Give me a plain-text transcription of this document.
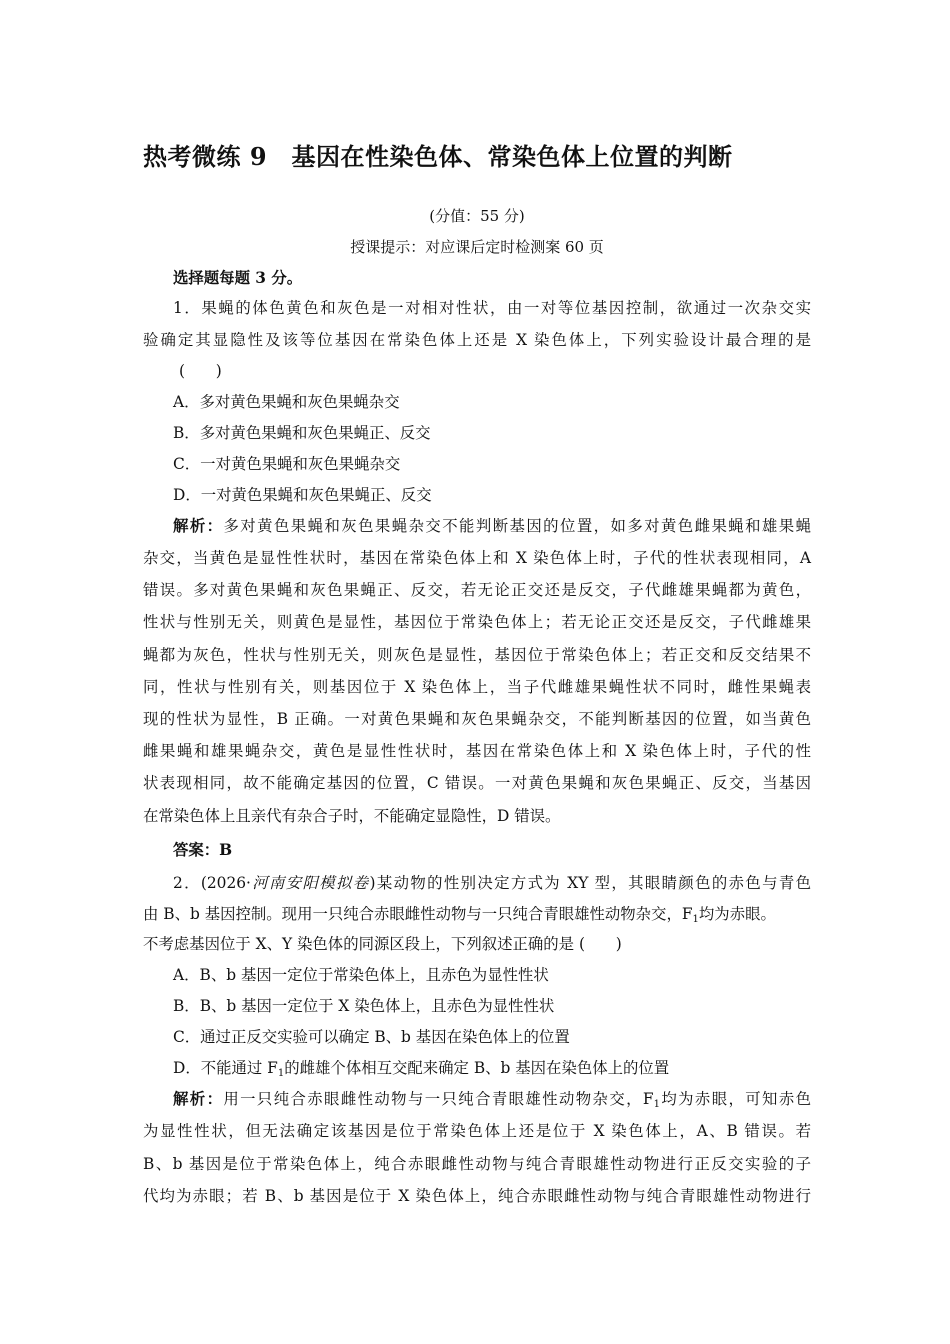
热考微练 9　基因在性染色体、常染色体上位置的判断
(分值：55 分)
授课提示：对应课后定时检测案 60 页
选择题每题 3 分。
1．果蝇的体色黄色和灰色是一对相对性状，由一对等位基因控制，欲通过一次杂交实
验确定其显隐性及该等位基因在常染色体上还是 X 染色体上，下列实验设计最合理的是
(　　)
A．多对黄色果蝇和灰色果蝇杂交
B．多对黄色果蝇和灰色果蝇正、反交
C．一对黄色果蝇和灰色果蝇杂交
D．一对黄色果蝇和灰色果蝇正、反交
解析：多对黄色果蝇和灰色果蝇杂交不能判断基因的位置，如多对黄色雌果蝇和雄果蝇
杂交，当黄色是显性性状时，基因在常染色体上和 X 染色体上时，子代的性状表现相同，A
错误。多对黄色果蝇和灰色果蝇正、反交，若无论正交还是反交，子代雌雄果蝇都为黄色，
性状与性别无关，则黄色是显性，基因位于常染色体上；若无论正交还是反交，子代雌雄果
蝇都为灰色，性状与性别无关，则灰色是显性，基因位于常染色体上；若正交和反交结果不
同，性状与性别有关，则基因位于 X 染色体上，当子代雌雄果蝇性状不同时，雌性果蝇表
现的性状为显性，B 正确。一对黄色果蝇和灰色果蝇杂交，不能判断基因的位置，如当黄色
雌果蝇和雄果蝇杂交，黄色是显性性状时，基因在常染色体上和 X 染色体上时，子代的性
状表现相同，故不能确定基因的位置，C 错误。一对黄色果蝇和灰色果蝇正、反交，当基因
在常染色体上且亲代有杂合子时，不能确定显隐性，D 错误。
答案：B
2．(2026·河南安阳模拟卷)某动物的性别决定方式为 XY 型，其眼睛颜色的赤色与青色
由 B、b 基因控制。现用一只纯合赤眼雌性动物与一只纯合青眼雄性动物杂交，$F_1$均为赤眼。
不考虑基因位于 X、Y 染色体的同源区段上，下列叙述正确的是 (　　)
A．B、b 基因一定位于常染色体上，且赤色为显性性状
B．B、b 基因一定位于 X 染色体上，且赤色为显性性状
C．通过正反交实验可以确定 B、b 基因在染色体上的位置
D．不能通过 $F_1$的雌雄个体相互交配来确定 B、b 基因在染色体上的位置
解析：用一只纯合赤眼雌性动物与一只纯合青眼雄性动物杂交，$F_1$均为赤眼，可知赤色
为显性性状，但无法确定该基因是位于常染色体上还是位于 X 染色体上，A、B 错误。若
B、b 基因是位于常染色体上，纯合赤眼雌性动物与纯合青眼雄性动物进行正反交实验的子
代均为赤眼；若 B、b 基因是位于 X 染色体上，纯合赤眼雌性动物与纯合青眼雄性动物进行
